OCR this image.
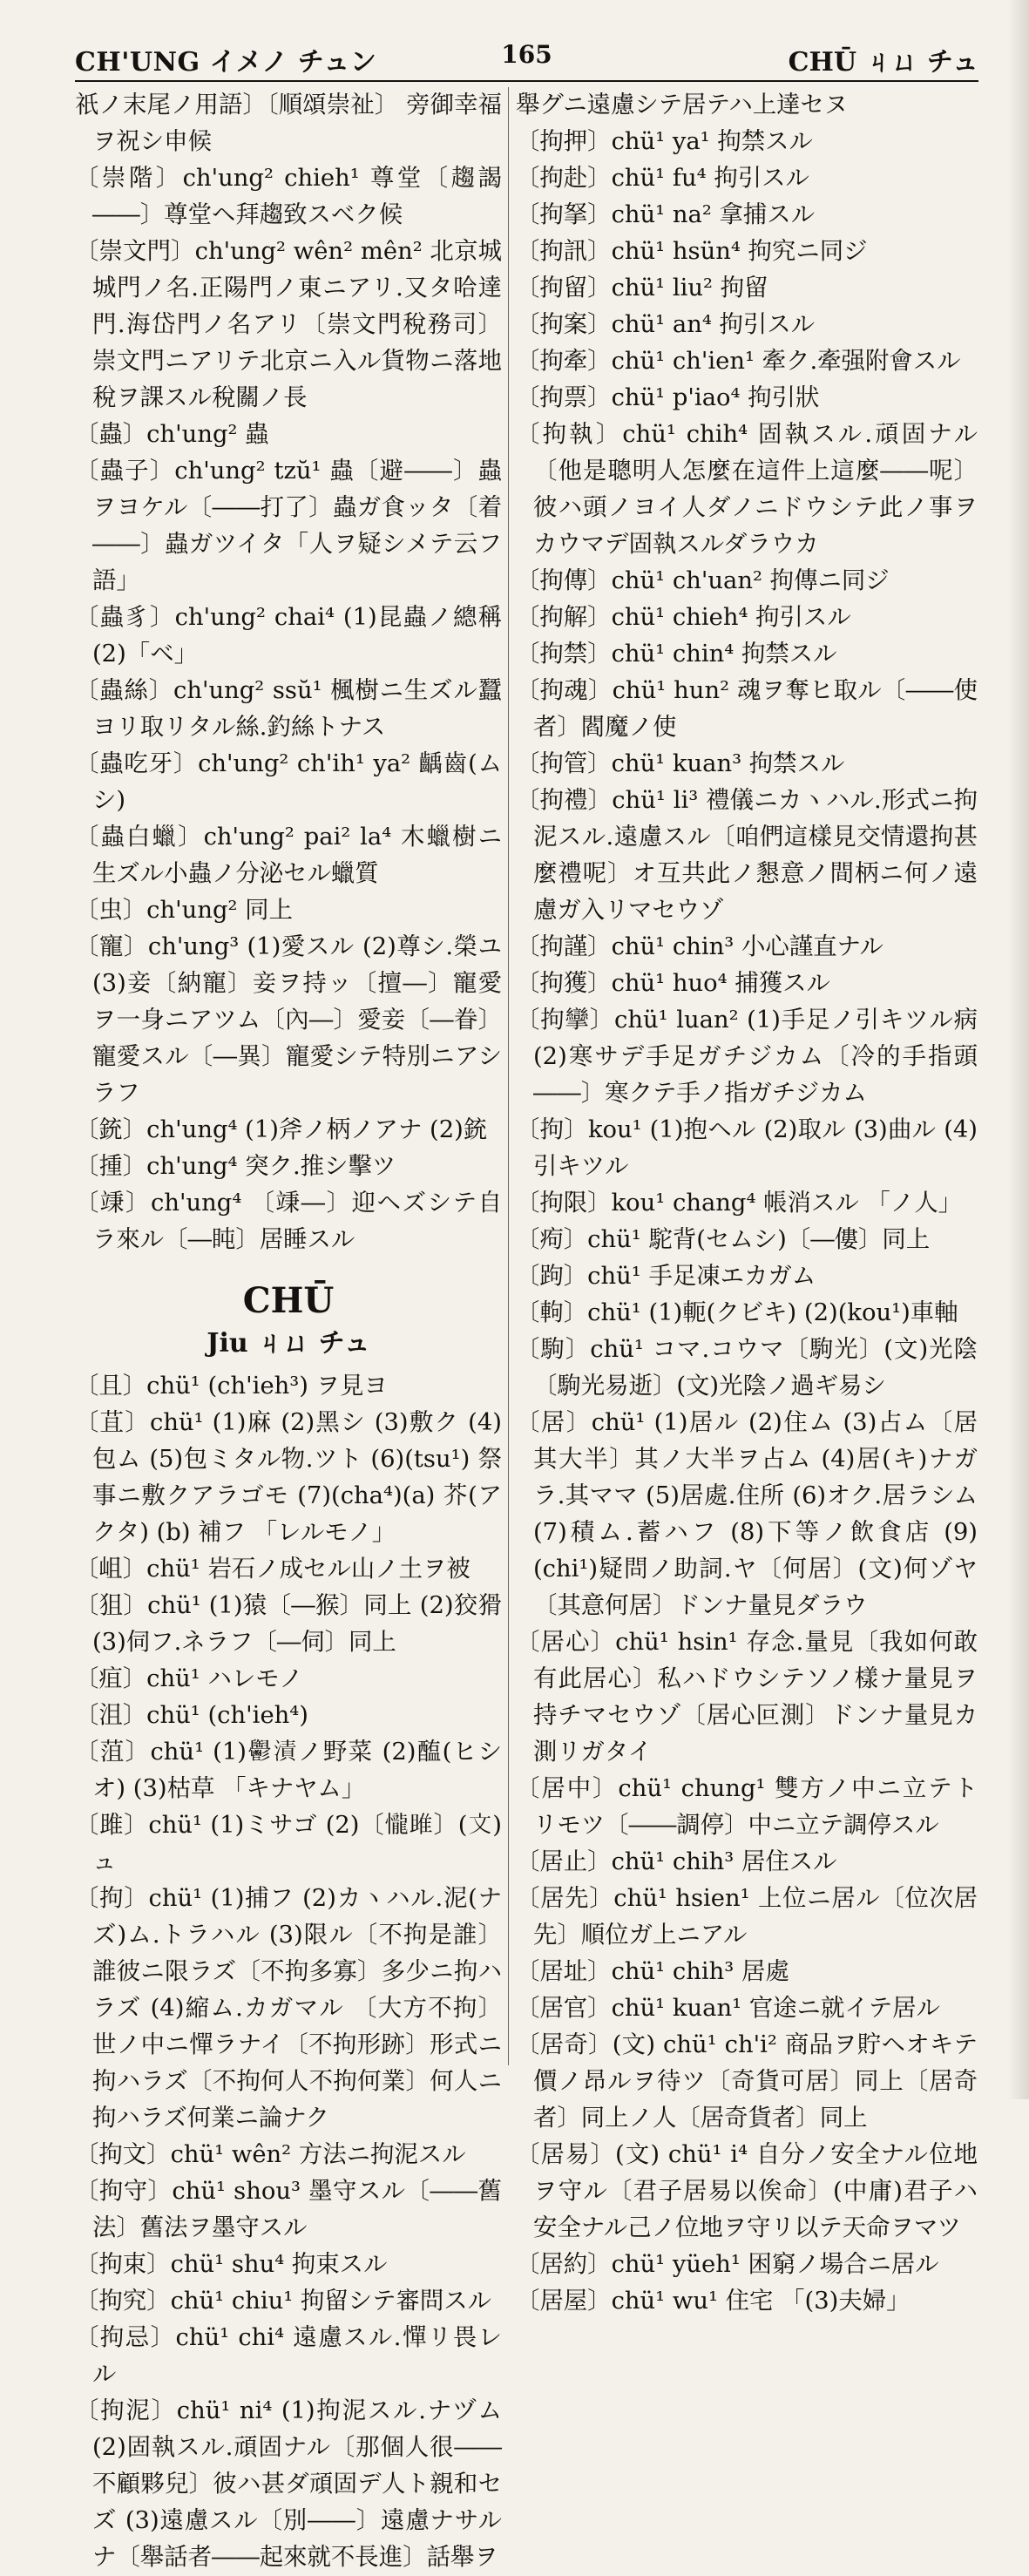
CH'UNG イメノ チュン	165	CHŪ ㄐㄩ チュ
祇ノ末尾ノ用語〕〔順頌崇祉〕 旁御幸福ヲ祝シ申候
〔崇階〕ch'ung² chieh¹ 尊堂〔趨謁――〕尊堂ヘ拜趨致スベク候
〔崇文門〕ch'ung² wên² mên² 北京城城門ノ名.正陽門ノ東ニアリ.又タ哈達門.海岱門ノ名アリ〔崇文門稅務司〕崇文門ニアリテ北京ニ入ル貨物ニ落地稅ヲ課スル稅關ノ長
〔蟲〕ch'ung² 蟲
〔蟲子〕ch'ung² tzŭ¹ 蟲〔避――〕蟲ヲヨケル〔――打了〕蟲ガ食ッタ〔着――〕蟲ガツイタ「人ヲ疑シメテ云フ語」
〔蟲豸〕ch'ung² chai⁴ (1)昆蟲ノ總稱 (2)「ベ」
〔蟲絲〕ch'ung² ssŭ¹ 楓樹ニ生ズル蠶ヨリ取リタル絲.釣絲トナス
〔蟲吃牙〕ch'ung² ch'ih¹ ya² 齲齒(ムシ)
〔蟲白蠟〕ch'ung² pai² la⁴ 木蠟樹ニ生ズル小蟲ノ分泌セル蠟質
〔虫〕ch'ung² 同上
〔寵〕ch'ung³ (1)愛スル (2)尊シ.榮ユ (3)妾〔納寵〕妾ヲ持ッ〔擅―〕寵愛ヲ一身ニアツム〔內―〕愛妾〔―眷〕寵愛スル〔―異〕寵愛シテ特別ニアシラフ
〔銃〕ch'ung⁴ (1)斧ノ柄ノアナ (2)銃
〔揰〕ch'ung⁴ 突ク.推シ擊ツ
〔𥪕〕ch'ung⁴ 〔𥪕―〕迎ヘズシテ自ラ來ル〔―盹〕居睡スル
CHŪ
Jiu ㄐㄩ チュ
〔且〕chü¹ (ch'ieh³) ヲ見ヨ
〔苴〕chü¹ (1)麻 (2)黑シ (3)敷ク (4)包ム (5)包ミタル物.ツト (6)(tsu¹) 祭事ニ敷クアラゴモ (7)(cha⁴)(a) 芥(アクタ) (b) 補フ 「レルモノ」
〔岨〕chü¹ 岩石ノ成セル山ノ土ヲ被
〔狙〕chü¹ (1)猿〔―猴〕同上 (2)狡猾 (3)伺フ.ネラフ〔―伺〕同上
〔疽〕chü¹ ハレモノ
〔沮〕chü¹ (ch'ieh⁴)
〔菹〕chü¹ (1)𩰪漬ノ野菜 (2)醢(ヒシオ) (3)枯草 「キナヤム」
〔雎〕chü¹ (1)ミサゴ (2)〔𢤱雎〕(文)ュ
〔拘〕chü¹ (1)捕フ (2)カヽハル.泥(ナズ)ム.トラハル (3)限ル〔不拘是誰〕誰彼ニ限ラズ〔不拘多寡〕多少ニ拘ハラズ (4)縮ム.カガマル 〔大方不拘〕世ノ中ニ憚ラナイ〔不拘形跡〕形式ニ拘ハラズ〔不拘何人不拘何業〕何人ニ拘ハラズ何業ニ論ナク
〔拘文〕chü¹ wên² 方法ニ拘泥スル
〔拘守〕chü¹ shou³ 墨守スル〔――舊法〕舊法ヲ墨守スル
〔拘束〕chü¹ shu⁴ 拘束スル
〔拘究〕chü¹ chiu¹ 拘留シテ審問スル
〔拘忌〕chü¹ chi⁴ 遠慮スル.憚リ畏レル
〔拘泥〕chü¹ ni⁴ (1)拘泥スル.ナヅム (2)固執スル.頑固ナル〔那個人很――不顧夥兒〕彼ハ甚ダ頑固デ人ト親和セズ (3)遠慮スル〔別――〕遠慮ナサルナ〔舉話者――起來就不長進〕話舉ヲ
舉グニ遠慮シテ居テハ上達セヌ
〔拘押〕chü¹ ya¹ 拘禁スル
〔拘赴〕chü¹ fu⁴ 拘引スル
〔拘拏〕chü¹ na² 拿捕スル
〔拘訊〕chü¹ hsün⁴ 拘究ニ同ジ
〔拘留〕chü¹ liu² 拘留
〔拘案〕chü¹ an⁴ 拘引スル
〔拘牽〕chü¹ ch'ien¹ 牽ク.牽强附會スル
〔拘票〕chü¹ p'iao⁴ 拘引狀
〔拘執〕chü¹ chih⁴ 固執スル.頑固ナル〔他是聰明人怎麼在這件上這麼――呢〕彼ハ頭ノヨイ人ダノニドウシテ此ノ事ヲカウマデ固執スルダラウカ
〔拘傳〕chü¹ ch'uan² 拘傳ニ同ジ
〔拘解〕chü¹ chieh⁴ 拘引スル
〔拘禁〕chü¹ chin⁴ 拘禁スル
〔拘魂〕chü¹ hun² 魂ヲ奪ヒ取ル〔――使者〕閻魔ノ使
〔拘管〕chü¹ kuan³ 拘禁スル
〔拘禮〕chü¹ li³ 禮儀ニカヽハル.形式ニ拘泥スル.遠慮スル〔咱們這樣見交情還拘甚麼禮呢〕オ互共此ノ懇意ノ間柄ニ何ノ遠慮ガ入リマセウゾ
〔拘謹〕chü¹ chin³ 小心謹直ナル
〔拘獲〕chü¹ huo⁴ 捕獲スル
〔拘攣〕chü¹ luan² (1)手足ノ引キツル病 (2)寒サデ手足ガチジカム〔冷的手指頭――〕寒クテ手ノ指ガチジカム
〔拘〕kou¹ (1)抱ヘル (2)取ル (3)曲ル (4)引キツル
〔拘限〕kou¹ chang⁴ 帳消スル 「ノ人」
〔痀〕chü¹ 駝背(セムシ)〔―僂〕同上
〔跔〕chü¹ 手足凍エカガム
〔軥〕chü¹ (1)軛(クビキ) (2)(kou¹)車軸
〔駒〕chü¹ コマ.コウマ〔駒光〕(文)光陰〔駒光易逝〕(文)光陰ノ過ギ易シ
〔居〕chü¹ (1)居ル (2)住ム (3)占ム〔居其大半〕其ノ大半ヲ占ム (4)居(キ)ナガラ.其ママ (5)居處.住所 (6)オク.居ラシム (7)積ム.蓄ハフ (8)下等ノ飲食店 (9)(chi¹)疑問ノ助詞.ヤ〔何居〕(文)何ゾヤ〔其意何居〕ドンナ量見ダラウ
〔居心〕chü¹ hsin¹ 存念.量見〔我如何敢有此居心〕私ハドウシテソノ樣ナ量見ヲ持チマセウゾ〔居心叵測〕ドンナ量見カ測リガタイ
〔居中〕chü¹ chung¹ 雙方ノ中ニ立テトリモツ〔――調停〕中ニ立テ調停スル
〔居止〕chü¹ chih³ 居住スル
〔居先〕chü¹ hsien¹ 上位ニ居ル〔位次居先〕順位ガ上ニアル
〔居址〕chü¹ chih³ 居處
〔居官〕chü¹ kuan¹ 官途ニ就イテ居ル
〔居奇〕(文) chü¹ ch'i² 商品ヲ貯ヘオキテ價ノ昂ルヲ待ツ〔奇貨可居〕同上〔居奇者〕同上ノ人〔居奇貨者〕同上
〔居易〕(文) chü¹ i⁴ 自分ノ安全ナル位地ヲ守ル〔君子居易以俟命〕(中庸)君子ハ安全ナル己ノ位地ヲ守リ以テ天命ヲマツ
〔居約〕chü¹ yüeh¹ 困窮ノ場合ニ居ル
〔居屋〕chü¹ wu¹ 住宅 「(3)夫婦」
